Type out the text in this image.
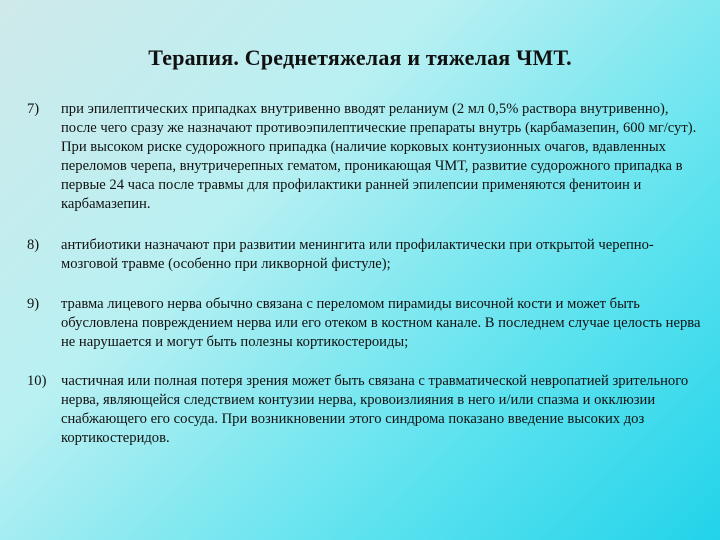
Терапия. Среднетяжелая и тяжелая ЧМТ.
7)	при эпилептических припадках внутривенно вводят реланиум (2 мл 0,5% раствора внутривенно), после чего сразу же назначают противоэпилептические препараты внутрь (карбамазепин, 600 мг/сут). При высоком риске судорожного припадка (наличие корковых контузионных очагов, вдавленных переломов черепа, внутричерепных гематом, проникающая ЧМТ, развитие судорожного припадка в первые 24 часа после травмы для профилактики ранней эпилепсии применяются фенитоин и карбамазепин.
8)	антибиотики назначают при развитии менингита или профилактически при открытой черепно-мозговой травме (особенно при ликворной фистуле);
9)	травма лицевого нерва обычно связана с переломом пирамиды височной кости и может быть обусловлена повреждением нерва или его отеком в костном канале. В последнем случае целость нерва не нарушается и могут быть полезны кортикостероиды;
10) частичная или полная потеря зрения может быть связана с травматической невропатией зрительного нерва, являющейся следствием контузии нерва, кровоизлияния в него и/или спазма и окклюзии снабжающего его сосуда. При возникновении этого синдрома показано введение высоких доз кортикостеридов.
